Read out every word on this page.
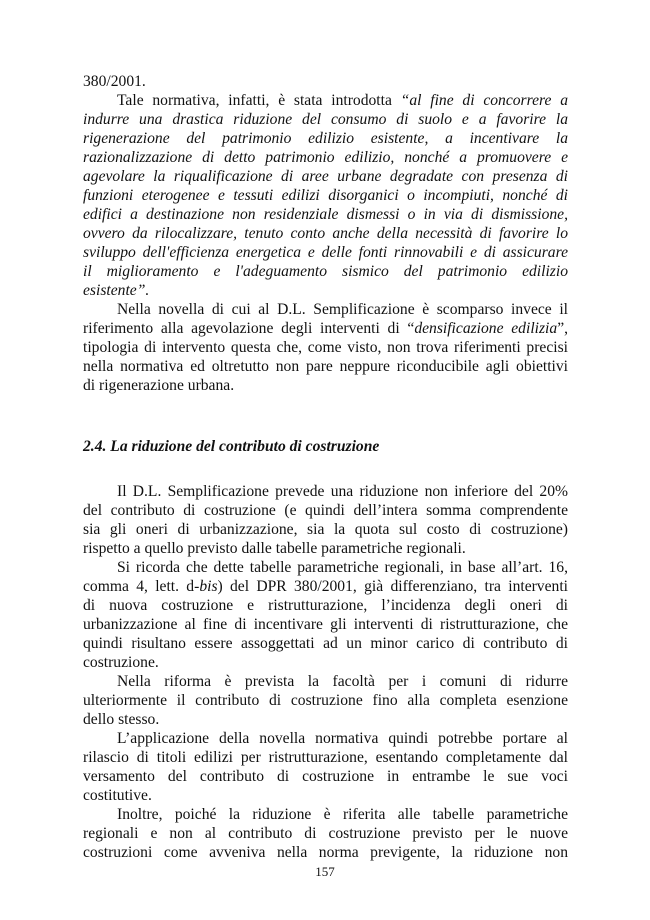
380/2001.
Tale normativa, infatti, è stata introdotta “al fine di concorrere a
indurre una drastica riduzione del consumo di suolo e a favorire la
rigenerazione del patrimonio edilizio esistente, a incentivare la
razionalizzazione di detto patrimonio edilizio, nonché a promuovere e
agevolare la riqualificazione di aree urbane degradate con presenza di
funzioni eterogenee e tessuti edilizi disorganici o incompiuti, nonché di
edifici a destinazione non residenziale dismessi o in via di dismissione,
ovvero da rilocalizzare, tenuto conto anche della necessità di favorire lo
sviluppo dell'efficienza energetica e delle fonti rinnovabili e di assicurare
il miglioramento e l'adeguamento sismico del patrimonio edilizio
esistente”.
Nella novella di cui al D.L. Semplificazione è scomparso invece il
riferimento alla agevolazione degli interventi di “densificazione edilizia”,
tipologia di intervento questa che, come visto, non trova riferimenti precisi
nella normativa ed oltretutto non pare neppure riconducibile agli obiettivi
di rigenerazione urbana.
2.4. La riduzione del contributo di costruzione
Il D.L. Semplificazione prevede una riduzione non inferiore del 20%
del contributo di costruzione (e quindi dell’intera somma comprendente
sia gli oneri di urbanizzazione, sia la quota sul costo di costruzione)
rispetto a quello previsto dalle tabelle parametriche regionali.
Si ricorda che dette tabelle parametriche regionali, in base all’art. 16,
comma 4, lett. d-bis) del DPR 380/2001, già differenziano, tra interventi
di nuova costruzione e ristrutturazione, l’incidenza degli oneri di
urbanizzazione al fine di incentivare gli interventi di ristrutturazione, che
quindi risultano essere assoggettati ad un minor carico di contributo di
costruzione.
Nella riforma è prevista la facoltà per i comuni di ridurre
ulteriormente il contributo di costruzione fino alla completa esenzione
dello stesso.
L’applicazione della novella normativa quindi potrebbe portare al
rilascio di titoli edilizi per ristrutturazione, esentando completamente dal
versamento del contributo di costruzione in entrambe le sue voci
costitutive.
Inoltre, poiché la riduzione è riferita alle tabelle parametriche
regionali e non al contributo di costruzione previsto per le nuove
costruzioni come avveniva nella norma previgente, la riduzione non
157
